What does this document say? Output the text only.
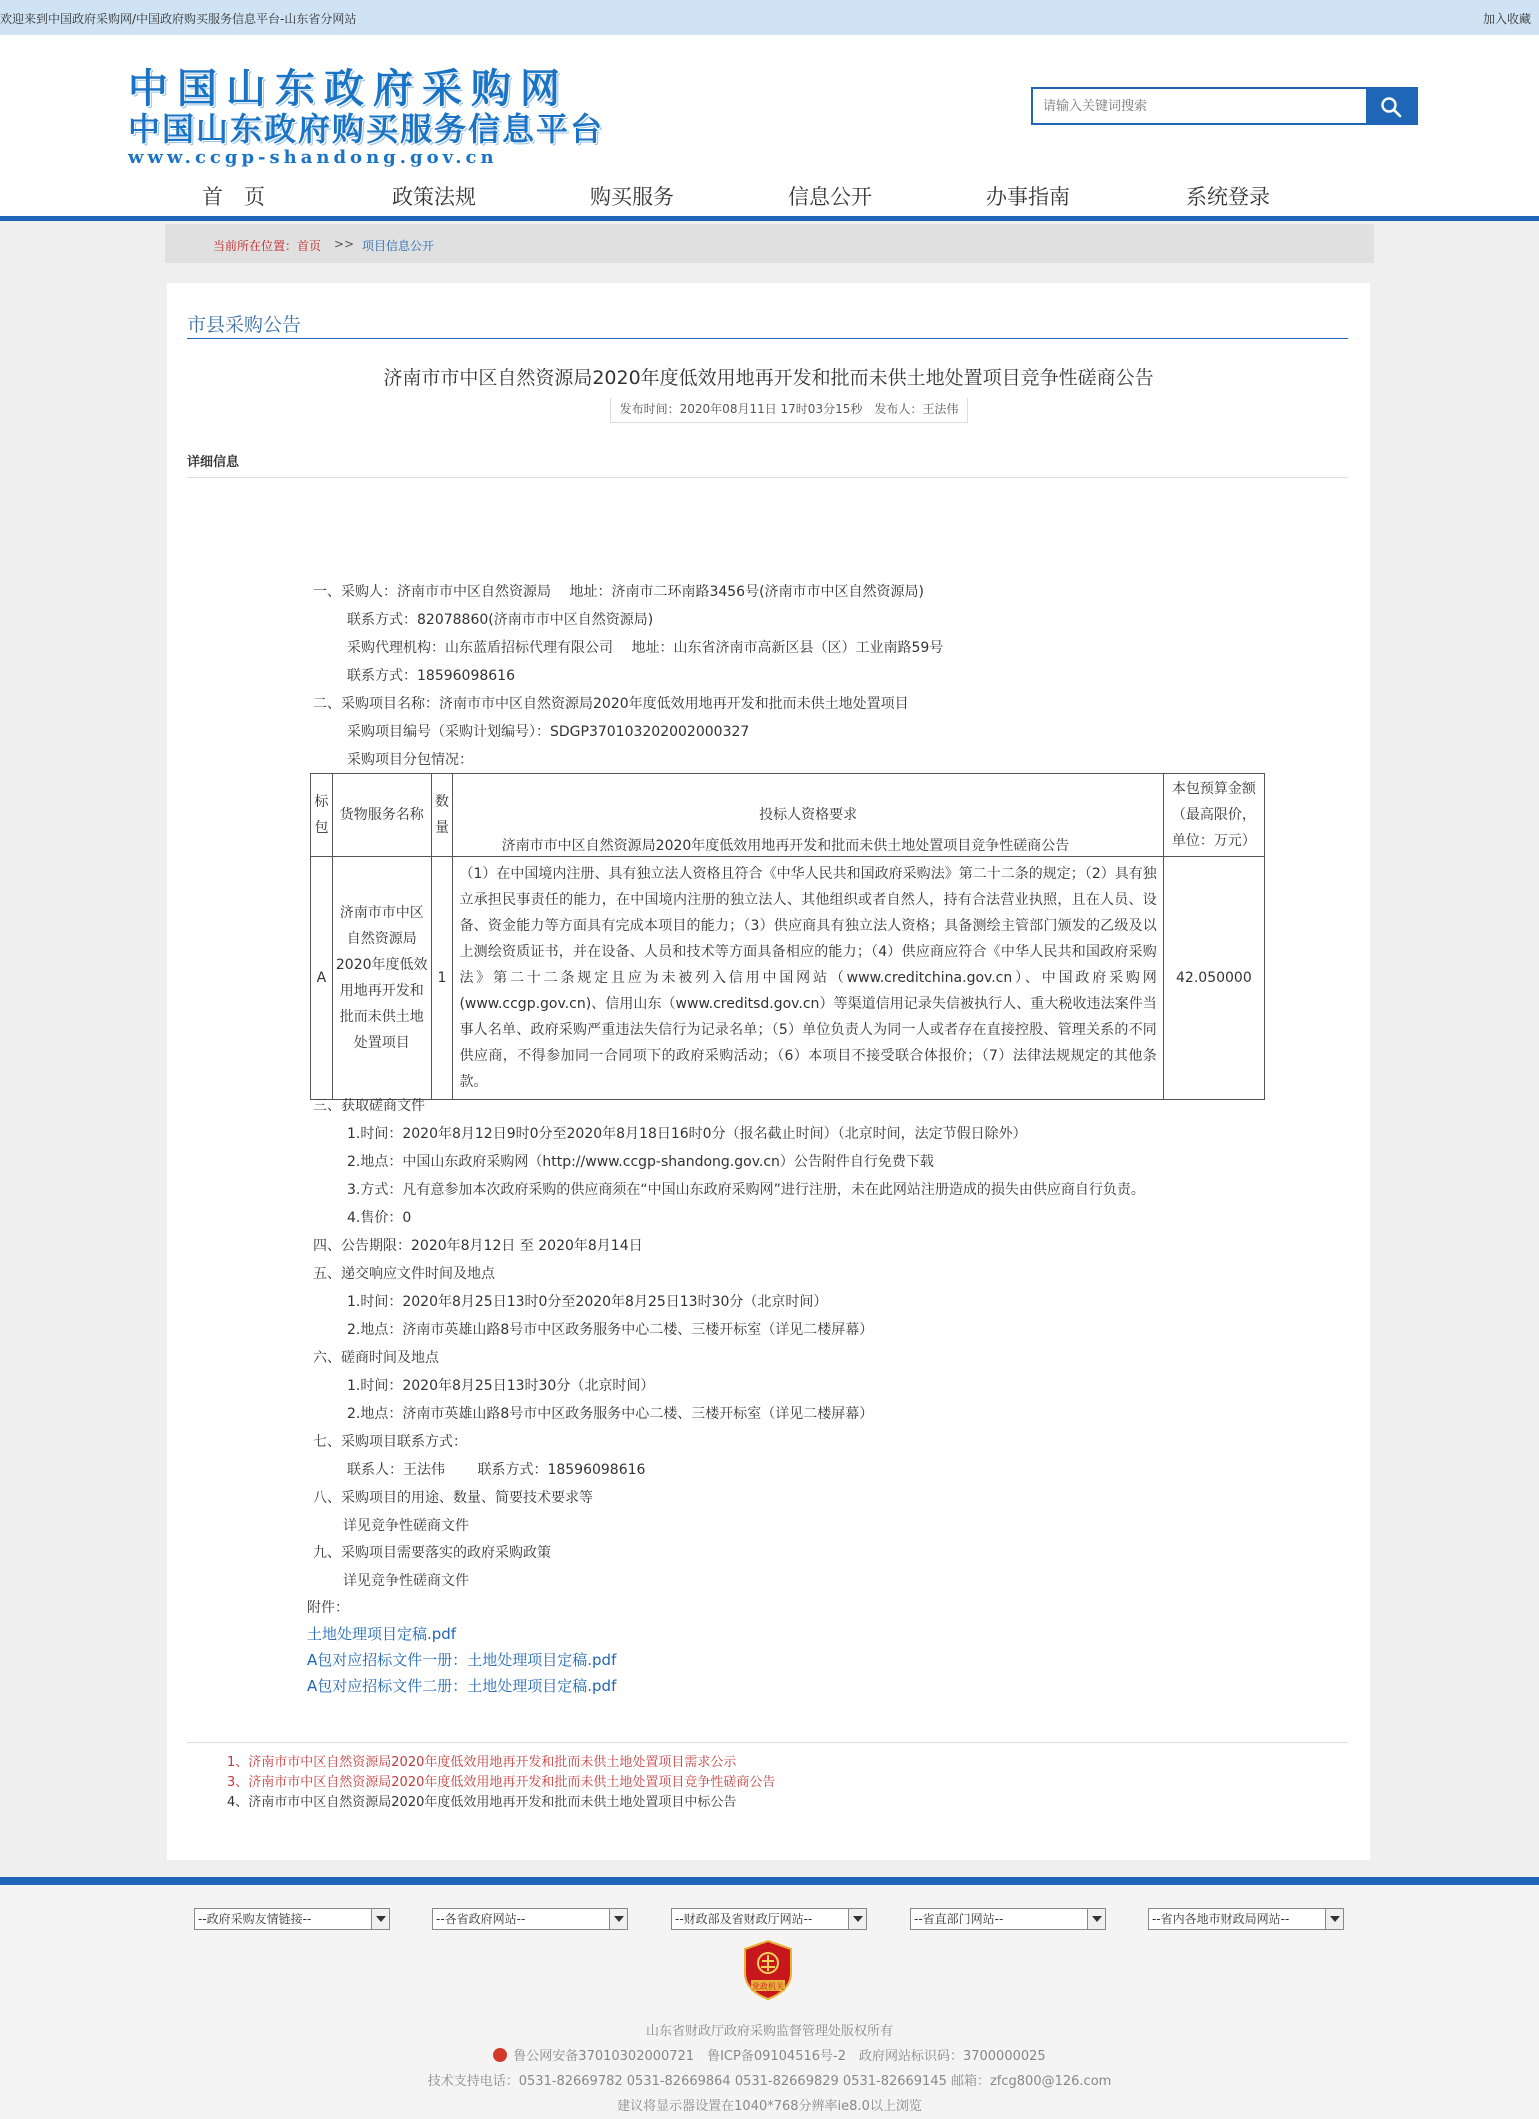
欢迎来到中国政府采购网/中国政府购买服务信息平台-山东省分网站	加入收藏
中国山东政府采购网
中国山东政府购买服务信息平台
www.ccgp-shandong.gov.cn
请输入关键词搜索
首　页	政策法规	购买服务	信息公开	办事指南	系统登录
当前所在位置： 首页 >> 项目信息公开
市县采购公告
济南市市中区自然资源局2020年度低效用地再开发和批而未供土地处置项目竞争性磋商公告
发布时间：2020年08月11日 17时03分15秒　发布人：王法伟
详细信息
济南市市中区自然资源局2020年度低效用地再开发和批而未供土地处置项目竞争性磋商公告
一、采购人：济南市市中区自然资源局　 地址：济南市二环南路3456号(济南市市中区自然资源局)
联系方式：82078860(济南市市中区自然资源局)
采购代理机构：山东蓝盾招标代理有限公司　 地址：山东省济南市高新区县（区）工业南路59号
联系方式：18596098616
二、采购项目名称：济南市市中区自然资源局2020年度低效用地再开发和批而未供土地处置项目
采购项目编号（采购计划编号）：SDGP370103202002000327
采购项目分包情况：
标包	货物服务名称	数量	投标人资格要求	本包预算金额（最高限价，单位：万元）
A	济南市市中区自然资源局2020年度低效用地再开发和批而未供土地处置项目	1	（1）在中国境内注册、具有独立法人资格且符合《中华人民共和国政府采购法》第二十二条的规定；（2）具有独立承担民事责任的能力，在中国境内注册的独立法人、其他组织或者自然人，持有合法营业执照，且在人员、设备、资金能力等方面具有完成本项目的能力；（3）供应商具有独立法人资格；具备测绘主管部门颁发的乙级及以上测绘资质证书，并在设备、人员和技术等方面具备相应的能力；（4）供应商应符合《中华人民共和国政府采购法》第二十二条规定且应为未被列入信用中国网站（www.creditchina.gov.cn）、中国政府采购网(www.ccgp.gov.cn)、信用山东（www.creditsd.gov.cn）等渠道信用记录失信被执行人、重大税收违法案件当事人名单、政府采购严重违法失信行为记录名单；（5）单位负责人为同一人或者存在直接控股、管理关系的不同供应商，不得参加同一合同项下的政府采购活动；（6）本项目不接受联合体报价；（7）法律法规规定的其他条款。	42.050000
三、获取磋商文件
1.时间：2020年8月12日9时0分至2020年8月18日16时0分（报名截止时间）（北京时间，法定节假日除外）
2.地点：中国山东政府采购网（http://www.ccgp-shandong.gov.cn）公告附件自行免费下载
3.方式：凡有意参加本次政府采购的供应商须在“中国山东政府采购网”进行注册，未在此网站注册造成的损失由供应商自行负责。
4.售价：0
四、公告期限：2020年8月12日 至 2020年8月14日
五、递交响应文件时间及地点
1.时间：2020年8月25日13时0分至2020年8月25日13时30分（北京时间）
2.地点：济南市英雄山路8号市中区政务服务中心二楼、三楼开标室（详见二楼屏幕）
六、磋商时间及地点
1.时间：2020年8月25日13时30分（北京时间）
2.地点：济南市英雄山路8号市中区政务服务中心二楼、三楼开标室（详见二楼屏幕）
七、采购项目联系方式：
联系人：王法伟　　 联系方式：18596098616
八、采购项目的用途、数量、简要技术要求等
详见竞争性磋商文件
九、采购项目需要落实的政府采购政策
详见竞争性磋商文件
附件：
土地处理项目定稿.pdf
A包对应招标文件一册：土地处理项目定稿.pdf
A包对应招标文件二册：土地处理项目定稿.pdf
1、济南市市中区自然资源局2020年度低效用地再开发和批而未供土地处置项目需求公示
3、济南市市中区自然资源局2020年度低效用地再开发和批而未供土地处置项目竞争性磋商公告
4、济南市市中区自然资源局2020年度低效用地再开发和批而未供土地处置项目中标公告
--政府采购友情链接--	--各省政府网站--	--财政部及省财政厅网站--	--省直部门网站--	--省内各地市财政局网站--
党政机关
山东省财政厅政府采购监督管理处版权所有
鲁公网安备37010302000721　鲁ICP备09104516号-2　政府网站标识码：3700000025
技术支持电话：0531-82669782 0531-82669864 0531-82669829 0531-82669145 邮箱：zfcg800@126.com
建议将显示器设置在1040*768分辨率ie8.0以上浏览
